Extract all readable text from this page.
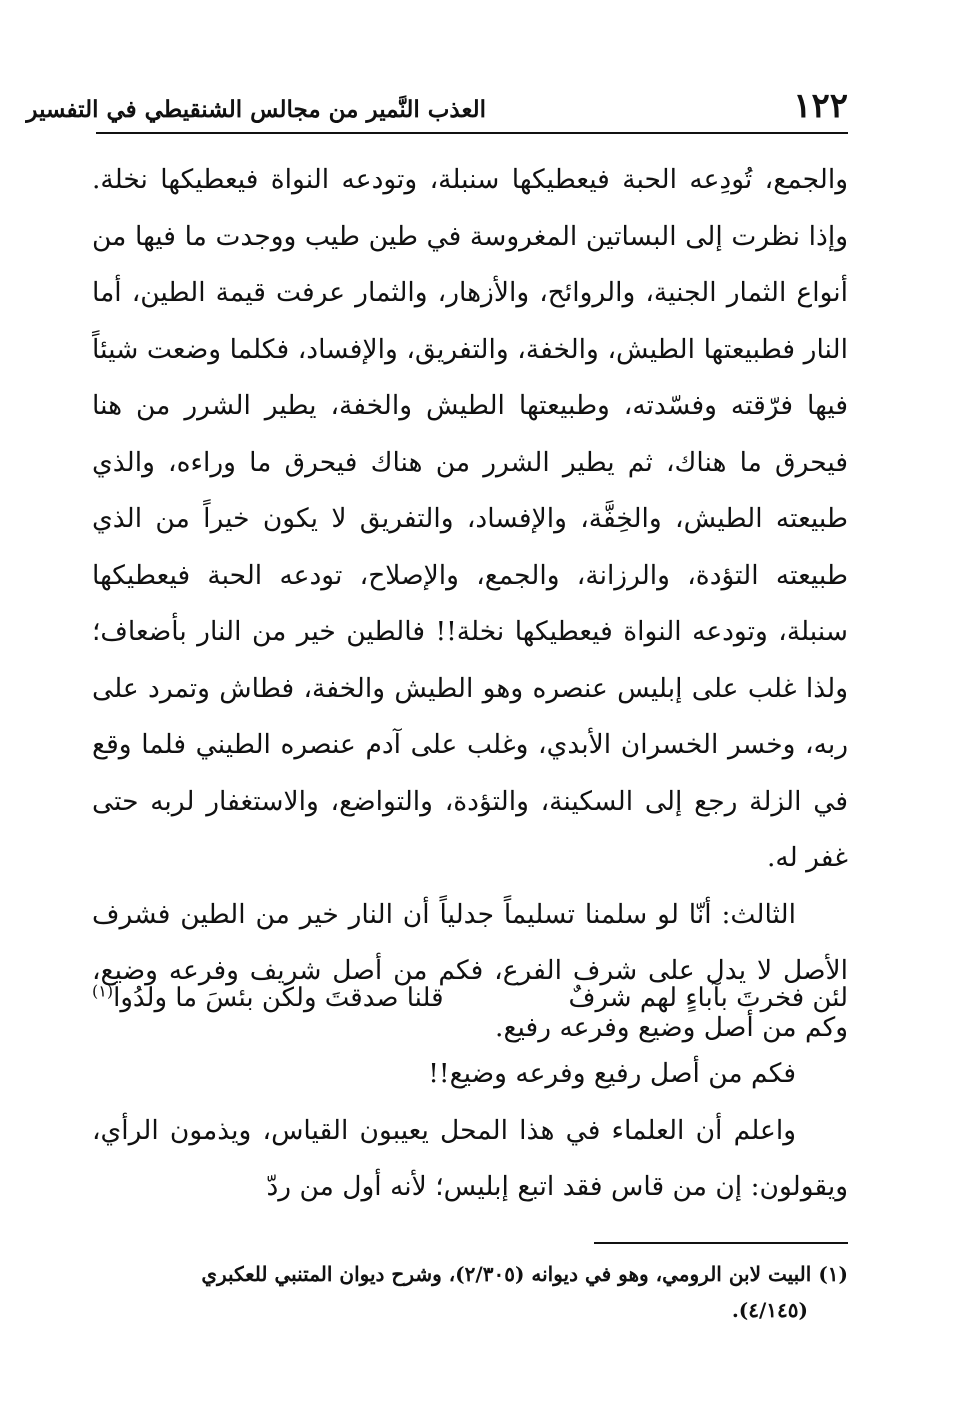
١٢٢
العذب النَّمير من مجالس الشنقيطي في التفسير

والجمع، تُودِعه الحبة فيعطيكها سنبلة، وتودعه النواة فيعطيكها نخلة. وإذا نظرت إلى البساتين المغروسة في طين طيب ووجدت ما فيها من أنواع الثمار الجنية، والروائح، والأزهار، والثمار عرفت قيمة الطين، أما النار فطبيعتها الطيش، والخفة، والتفريق، والإفساد، فكلما وضعت شيئاً فيها فرّقته وفسّدته، وطبيعتها الطيش والخفة، يطير الشرر من هنا فيحرق ما هناك، ثم يطير الشرر من هناك فيحرق ما وراءه، والذي طبيعته الطيش، والخِفَّة، والإفساد، والتفريق لا يكون خيراً من الذي طبيعته التؤدة، والرزانة، والجمع، والإصلاح، تودعه الحبة فيعطيكها سنبلة، وتودعه النواة فيعطيكها نخلة!! فالطين خير من النار بأضعاف؛ ولذا غلب على إبليس عنصره وهو الطيش والخفة، فطاش وتمرد على ربه، وخسر الخسران الأبدي، وغلب على آدم عنصره الطيني فلما وقع في الزلة رجع إلى السكينة، والتؤدة، والتواضع، والاستغفار لربه حتى غفر له.

الثالث: أنّا لو سلمنا تسليماً جدلياً أن النار خير من الطين فشرف الأصل لا يدل على شرف الفرع، فكم من أصل شريف وفرعه وضيع، وكم من أصل وضيع وفرعه رفيع.

لئن فخرتَ بآباءٍ لهم شرفٌ
قلنا صدقتَ ولكن بئسَ ما ولدُوا$^{(١)}$

فكم من أصل رفيع وفرعه وضيع!!

واعلم أن العلماء في هذا المحل يعيبون القياس، ويذمون الرأي، ويقولون: إن من قاس فقد اتبع إبليس؛ لأنه أول من ردّ

(١) البيت لابن الرومي، وهو في ديوانه (٢/٣٠٥)، وشرح ديوان المتنبي للعكبري

(٤/١٤٥).
